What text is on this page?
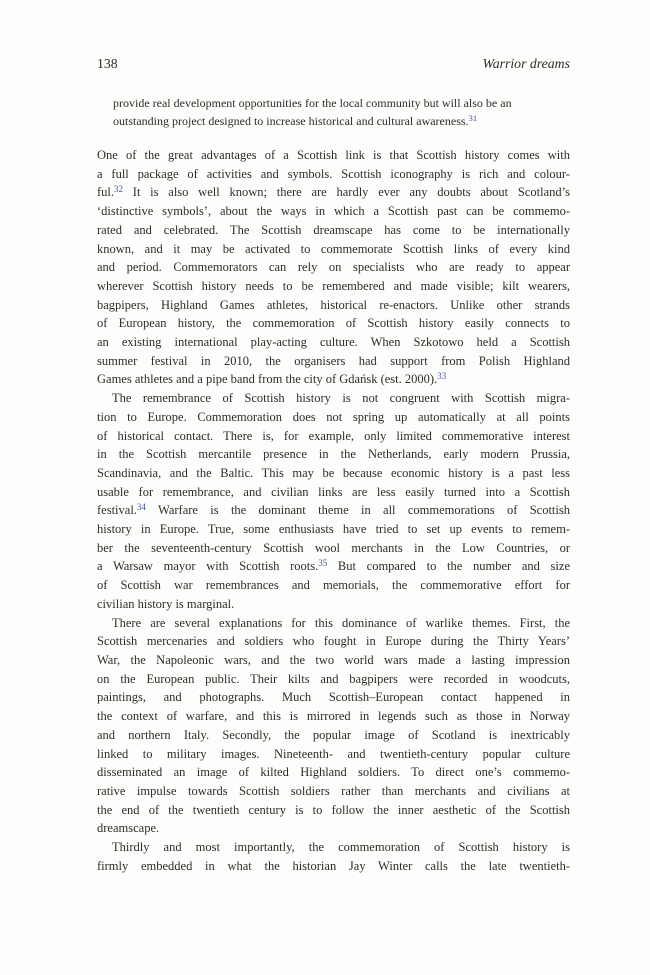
138	Warrior dreams
provide real development opportunities for the local community but will also be an
outstanding project designed to increase historical and cultural awareness.$^{31}$
One of the great advantages of a Scottish link is that Scottish history comes with
a full package of activities and symbols. Scottish iconography is rich and colour-
ful.$^{32}$ It is also well known; there are hardly ever any doubts about Scotland’s
‘distinctive symbols’, about the ways in which a Scottish past can be commemo-
rated and celebrated. The Scottish dreamscape has come to be internationally
known, and it may be activated to commemorate Scottish links of every kind
and period. Commemorators can rely on specialists who are ready to appear
wherever Scottish history needs to be remembered and made visible; kilt wearers,
bagpipers, Highland Games athletes, historical re-enactors. Unlike other strands
of European history, the commemoration of Scottish history easily connects to
an existing international play-acting culture. When Szkotowo held a Scottish
summer festival in 2010, the organisers had support from Polish Highland
Games athletes and a pipe band from the city of Gdańsk (est. 2000).$^{33}$
The remembrance of Scottish history is not congruent with Scottish migra-
tion to Europe. Commemoration does not spring up automatically at all points
of historical contact. There is, for example, only limited commemorative interest
in the Scottish mercantile presence in the Netherlands, early modern Prussia,
Scandinavia, and the Baltic. This may be because economic history is a past less
usable for remembrance, and civilian links are less easily turned into a Scottish
festival.$^{34}$ Warfare is the dominant theme in all commemorations of Scottish
history in Europe. True, some enthusiasts have tried to set up events to remem-
ber the seventeenth-century Scottish wool merchants in the Low Countries, or
a Warsaw mayor with Scottish roots.$^{35}$ But compared to the number and size
of Scottish war remembrances and memorials, the commemorative effort for
civilian history is marginal.
There are several explanations for this dominance of warlike themes. First, the
Scottish mercenaries and soldiers who fought in Europe during the Thirty Years’
War, the Napoleonic wars, and the two world wars made a lasting impression
on the European public. Their kilts and bagpipers were recorded in woodcuts,
paintings, and photographs. Much Scottish–European contact happened in
the context of warfare, and this is mirrored in legends such as those in Norway
and northern Italy. Secondly, the popular image of Scotland is inextricably
linked to military images. Nineteenth- and twentieth-century popular culture
disseminated an image of kilted Highland soldiers. To direct one’s commemo-
rative impulse towards Scottish soldiers rather than merchants and civilians at
the end of the twentieth century is to follow the inner aesthetic of the Scottish
dreamscape.
Thirdly and most importantly, the commemoration of Scottish history is
firmly embedded in what the historian Jay Winter calls the late twentieth-
